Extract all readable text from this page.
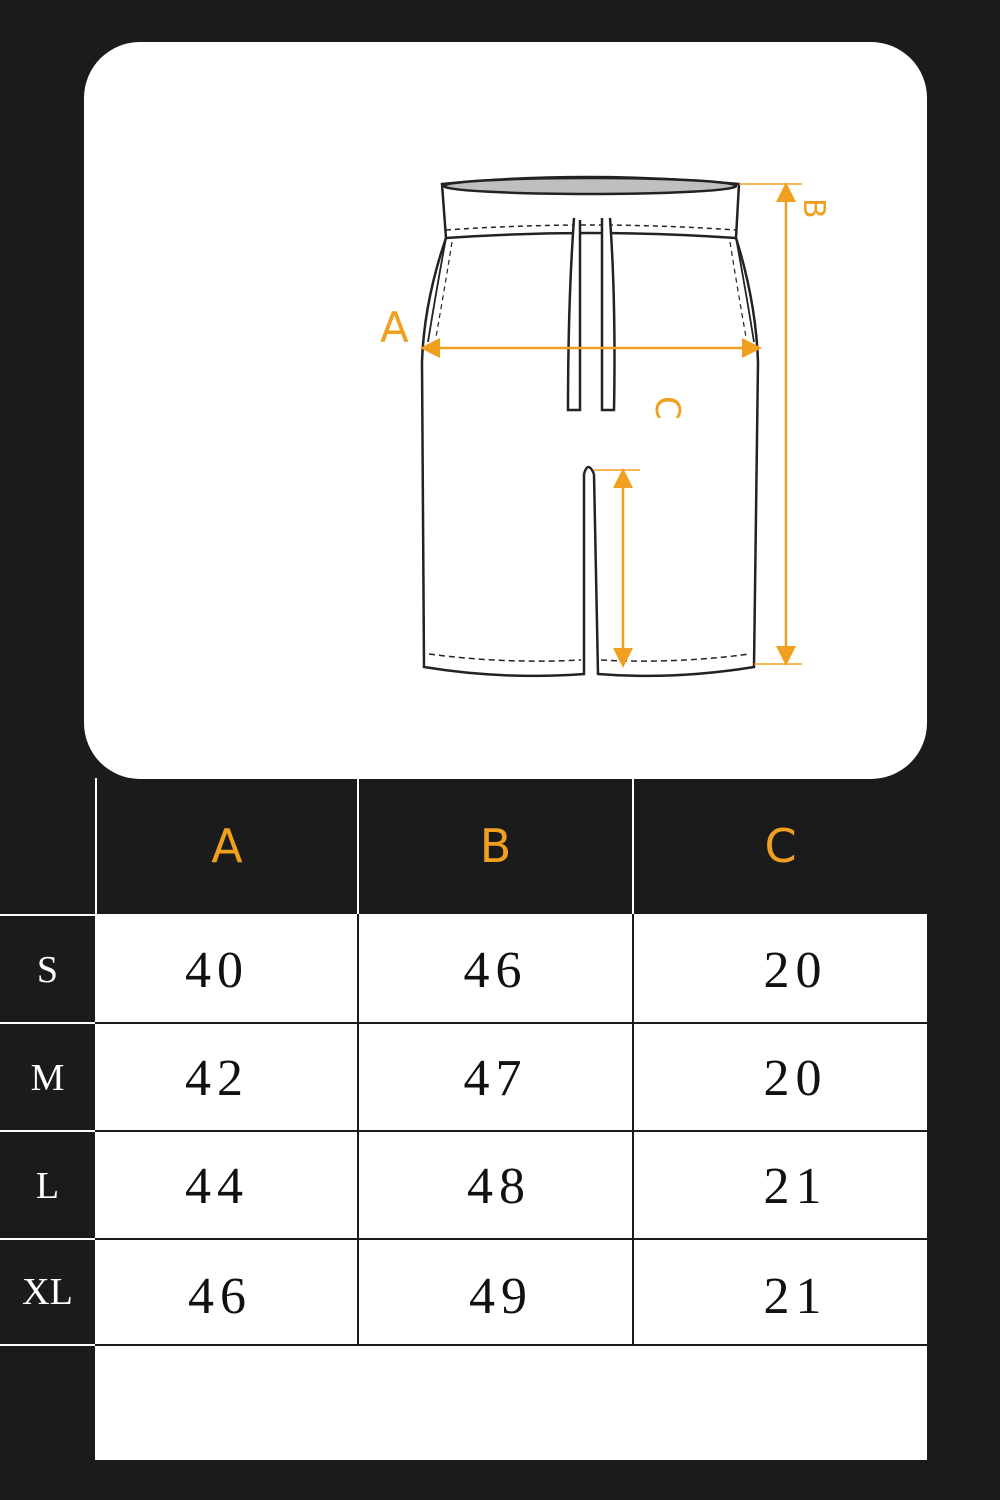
A
B
C
A	B	C
S	40	46	20
M	42	47	20
L	44	48	21
XL	46	49	21
